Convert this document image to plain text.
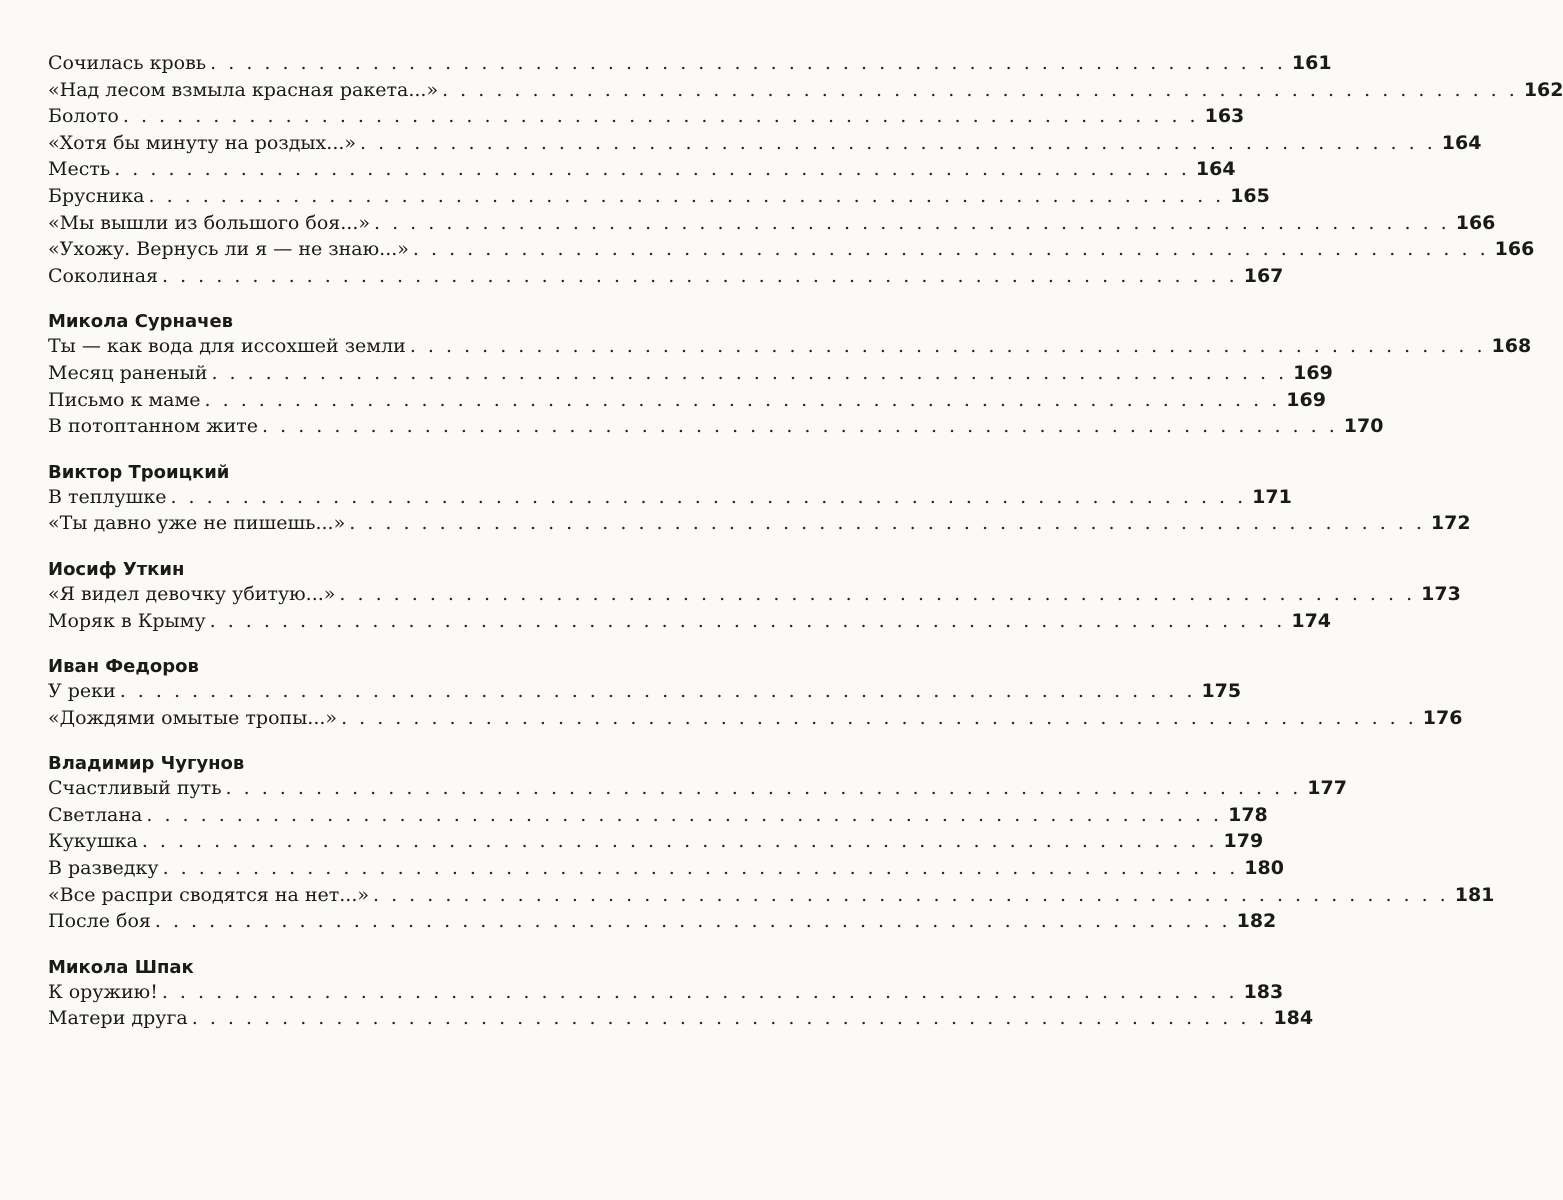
Сочилась кровь . . . . . . . . . . . . . . . . . . . . . . . . . . . . . . . . . . . . . . . . . . . . . . . . . . . . . . . . . . . . 161
«Над лесом взмыла красная ракета...» . . . . . . . . . . . . . . . . . . . . . . . . . . . . . . . . . . . . . . . . . . . . . . . . . . . . . . . . . . . . 162
Болото . . . . . . . . . . . . . . . . . . . . . . . . . . . . . . . . . . . . . . . . . . . . . . . . . . . . . . . . . . . . 163
«Хотя бы минуту на роздых...» . . . . . . . . . . . . . . . . . . . . . . . . . . . . . . . . . . . . . . . . . . . . . . . . . . . . . . . . . . . . 164
Месть . . . . . . . . . . . . . . . . . . . . . . . . . . . . . . . . . . . . . . . . . . . . . . . . . . . . . . . . . . . . 164
Брусника . . . . . . . . . . . . . . . . . . . . . . . . . . . . . . . . . . . . . . . . . . . . . . . . . . . . . . . . . . . . 165
«Мы вышли из большого боя...» . . . . . . . . . . . . . . . . . . . . . . . . . . . . . . . . . . . . . . . . . . . . . . . . . . . . . . . . . . . . 166
«Ухожу. Вернусь ли я — не знаю...» . . . . . . . . . . . . . . . . . . . . . . . . . . . . . . . . . . . . . . . . . . . . . . . . . . . . . . . . . . . . 166
Соколиная . . . . . . . . . . . . . . . . . . . . . . . . . . . . . . . . . . . . . . . . . . . . . . . . . . . . . . . . . . . . 167
Микола Сурначев
Ты — как вода для иссохшей земли . . . . . . . . . . . . . . . . . . . . . . . . . . . . . . . . . . . . . . . . . . . . . . . . . . . . . . . . . . . . 168
Месяц раненый . . . . . . . . . . . . . . . . . . . . . . . . . . . . . . . . . . . . . . . . . . . . . . . . . . . . . . . . . . . . 169
Письмо к маме . . . . . . . . . . . . . . . . . . . . . . . . . . . . . . . . . . . . . . . . . . . . . . . . . . . . . . . . . . . . 169
В потоптанном жите . . . . . . . . . . . . . . . . . . . . . . . . . . . . . . . . . . . . . . . . . . . . . . . . . . . . . . . . . . . . 170
Виктор Троицкий
В теплушке . . . . . . . . . . . . . . . . . . . . . . . . . . . . . . . . . . . . . . . . . . . . . . . . . . . . . . . . . . . . 171
«Ты давно уже не пишешь...» . . . . . . . . . . . . . . . . . . . . . . . . . . . . . . . . . . . . . . . . . . . . . . . . . . . . . . . . . . . . 172
Иосиф Уткин
«Я видел девочку убитую...» . . . . . . . . . . . . . . . . . . . . . . . . . . . . . . . . . . . . . . . . . . . . . . . . . . . . . . . . . . . . 173
Моряк в Крыму . . . . . . . . . . . . . . . . . . . . . . . . . . . . . . . . . . . . . . . . . . . . . . . . . . . . . . . . . . . . 174
Иван Федоров
У реки . . . . . . . . . . . . . . . . . . . . . . . . . . . . . . . . . . . . . . . . . . . . . . . . . . . . . . . . . . . . 175
«Дождями омытые тропы...» . . . . . . . . . . . . . . . . . . . . . . . . . . . . . . . . . . . . . . . . . . . . . . . . . . . . . . . . . . . . 176
Владимир Чугунов
Счастливый путь . . . . . . . . . . . . . . . . . . . . . . . . . . . . . . . . . . . . . . . . . . . . . . . . . . . . . . . . . . . . 177
Светлана . . . . . . . . . . . . . . . . . . . . . . . . . . . . . . . . . . . . . . . . . . . . . . . . . . . . . . . . . . . . 178
Кукушка . . . . . . . . . . . . . . . . . . . . . . . . . . . . . . . . . . . . . . . . . . . . . . . . . . . . . . . . . . . . 179
В разведку . . . . . . . . . . . . . . . . . . . . . . . . . . . . . . . . . . . . . . . . . . . . . . . . . . . . . . . . . . . . 180
«Все распри сводятся на нет...» . . . . . . . . . . . . . . . . . . . . . . . . . . . . . . . . . . . . . . . . . . . . . . . . . . . . . . . . . . . . 181
После боя . . . . . . . . . . . . . . . . . . . . . . . . . . . . . . . . . . . . . . . . . . . . . . . . . . . . . . . . . . . . 182
Микола Шпак
К оружию! . . . . . . . . . . . . . . . . . . . . . . . . . . . . . . . . . . . . . . . . . . . . . . . . . . . . . . . . . . . . 183
Матери друга . . . . . . . . . . . . . . . . . . . . . . . . . . . . . . . . . . . . . . . . . . . . . . . . . . . . . . . . . . . . 184
